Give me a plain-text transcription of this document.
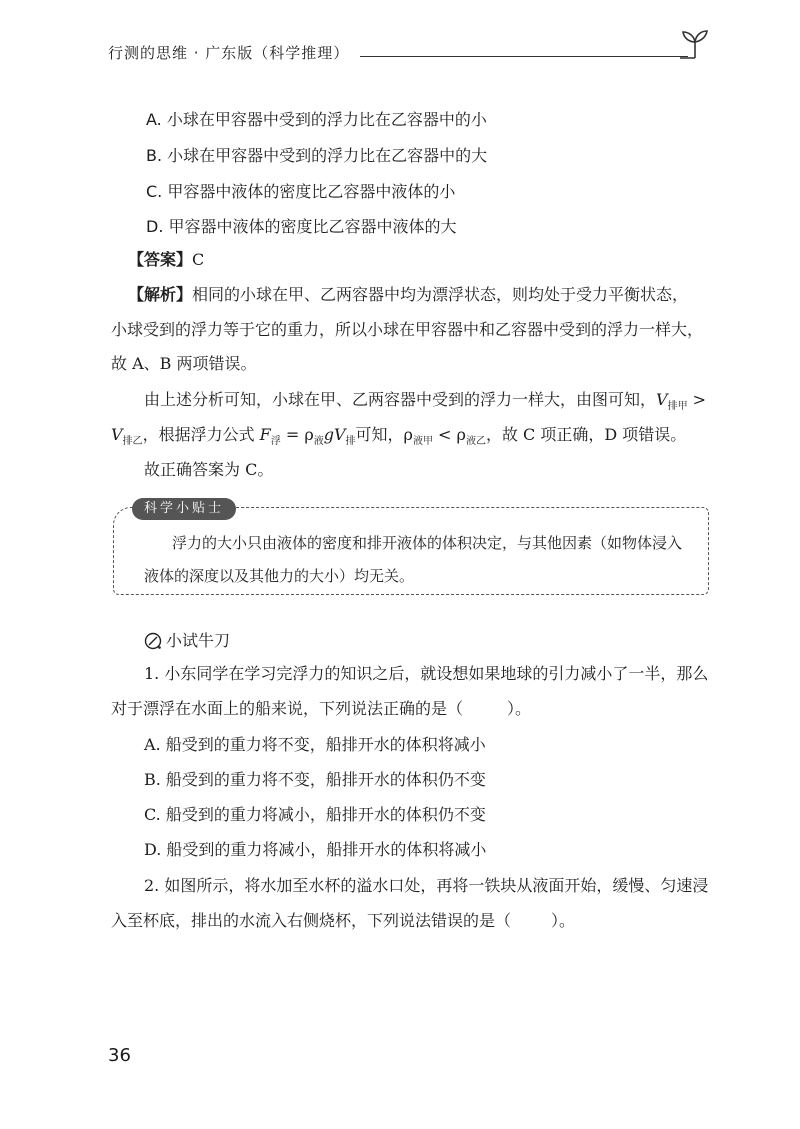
行测的思维 · 广东版（科学推理）
A. 小球在甲容器中受到的浮力比在乙容器中的小
B. 小球在甲容器中受到的浮力比在乙容器中的大
C. 甲容器中液体的密度比乙容器中液体的小
D. 甲容器中液体的密度比乙容器中液体的大
【答案】C
【解析】相同的小球在甲、乙两容器中均为漂浮状态，则均处于受力平衡状态，
小球受到的浮力等于它的重力，所以小球在甲容器中和乙容器中受到的浮力一样大，
故 A、B 两项错误。
由上述分析可知，小球在甲、乙两容器中受到的浮力一样大，由图可知，$V_{排甲}$ >
$V_{排乙}$，根据浮力公式 $F_浮 = \rho_液gV_排$可知，$\rho_{液甲} < \rho_{液乙}$，故 C 项正确，D 项错误。
故正确答案为 C。
科学小贴士
浮力的大小只由液体的密度和排开液体的体积决定，与其他因素（如物体浸入
液体的深度以及其他力的大小）均无关。
小试牛刀
1. 小东同学在学习完浮力的知识之后，就设想如果地球的引力减小了一半，那么
对于漂浮在水面上的船来说，下列说法正确的是（	）。
A. 船受到的重力将不变，船排开水的体积将减小
B. 船受到的重力将不变，船排开水的体积仍不变
C. 船受到的重力将减小，船排开水的体积仍不变
D. 船受到的重力将减小，船排开水的体积将减小
2. 如图所示，将水加至水杯的溢水口处，再将一铁块从液面开始，缓慢、匀速浸
入至杯底，排出的水流入右侧烧杯，下列说法错误的是（	）。
36
